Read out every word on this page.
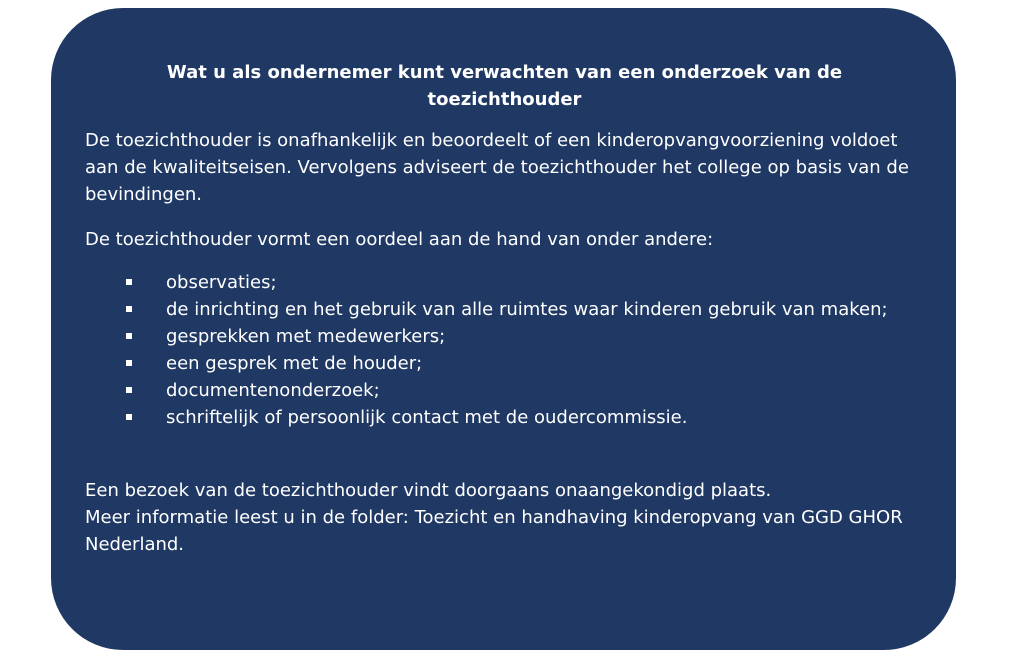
Wat u als ondernemer kunt verwachten van een onderzoek van de toezichthouder

De toezichthouder is onafhankelijk en beoordeelt of een kinderopvangvoorziening voldoet aan de kwaliteitseisen. Vervolgens adviseert de toezichthouder het college op basis van de bevindingen.

De toezichthouder vormt een oordeel aan de hand van onder andere:

observaties;
de inrichting en het gebruik van alle ruimtes waar kinderen gebruik van maken;
gesprekken met medewerkers;
een gesprek met de houder;
documentenonderzoek;
schriftelijk of persoonlijk contact met de oudercommissie.
Een bezoek van de toezichthouder vindt doorgaans onaangekondigd plaats.
Meer informatie leest u in de folder: Toezicht en handhaving kinderopvang van GGD GHOR Nederland.
